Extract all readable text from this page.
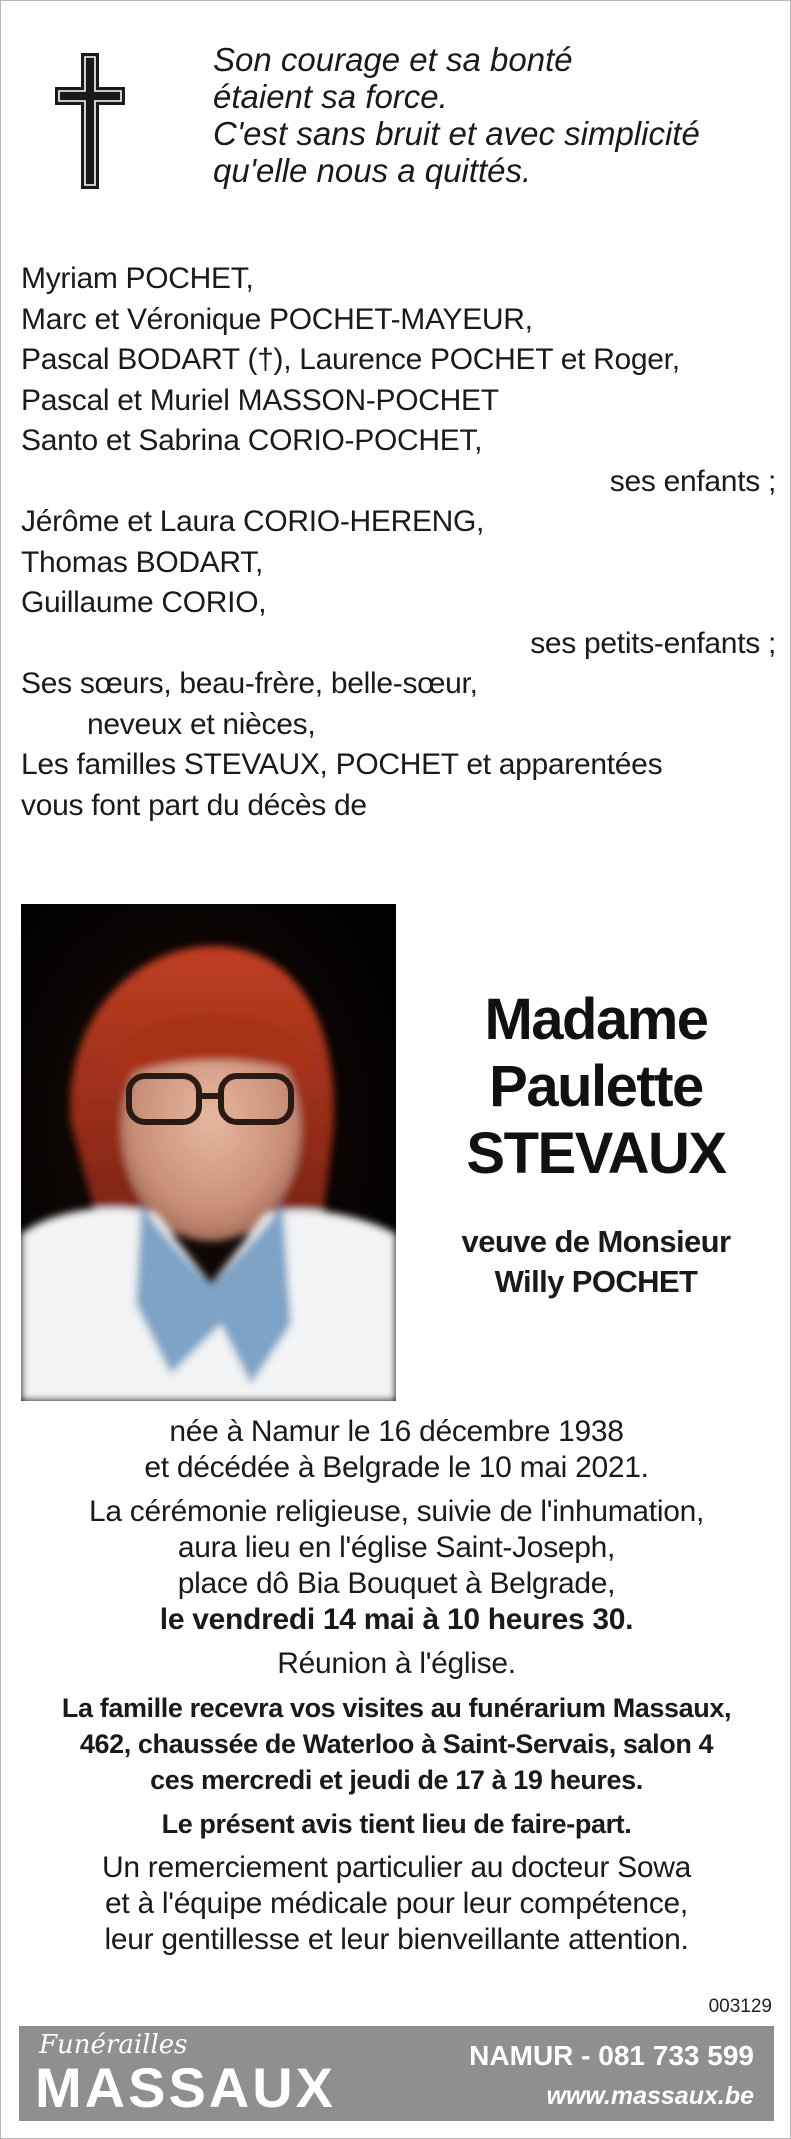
Son courage et sa bonté
étaient sa force.
C'est sans bruit et avec simplicité
qu'elle nous a quittés.
Myriam POCHET,
Marc et Véronique POCHET-MAYEUR,
Pascal BODART (†), Laurence POCHET et Roger,
Pascal et Muriel MASSON-POCHET
Santo et Sabrina CORIO-POCHET,
ses enfants ;
Jérôme et Laura CORIO-HERENG,
Thomas BODART,
Guillaume CORIO,
ses petits-enfants ;
Ses sœurs, beau-frère, belle-sœur,
neveux et nièces,
Les familles STEVAUX, POCHET et apparentées
vous font part du décès de
Madame
Paulette
STEVAUX
veuve de Monsieur
Willy POCHET
née à Namur le 16 décembre 1938
et décédée à Belgrade le 10 mai 2021.
La cérémonie religieuse, suivie de l'inhumation,
aura lieu en l'église Saint-Joseph,
place dô Bia Bouquet à Belgrade,
le vendredi 14 mai à 10 heures 30.
Réunion à l'église.
La famille recevra vos visites au funérarium Massaux,
462, chaussée de Waterloo à Saint-Servais, salon 4
ces mercredi et jeudi de 17 à 19 heures.
Le présent avis tient lieu de faire-part.
Un remerciement particulier au docteur Sowa
et à l'équipe médicale pour leur compétence,
leur gentillesse et leur bienveillante attention.
003129
Funérailles
MASSAUX
NAMUR - 081 733 599
www.massaux.be
